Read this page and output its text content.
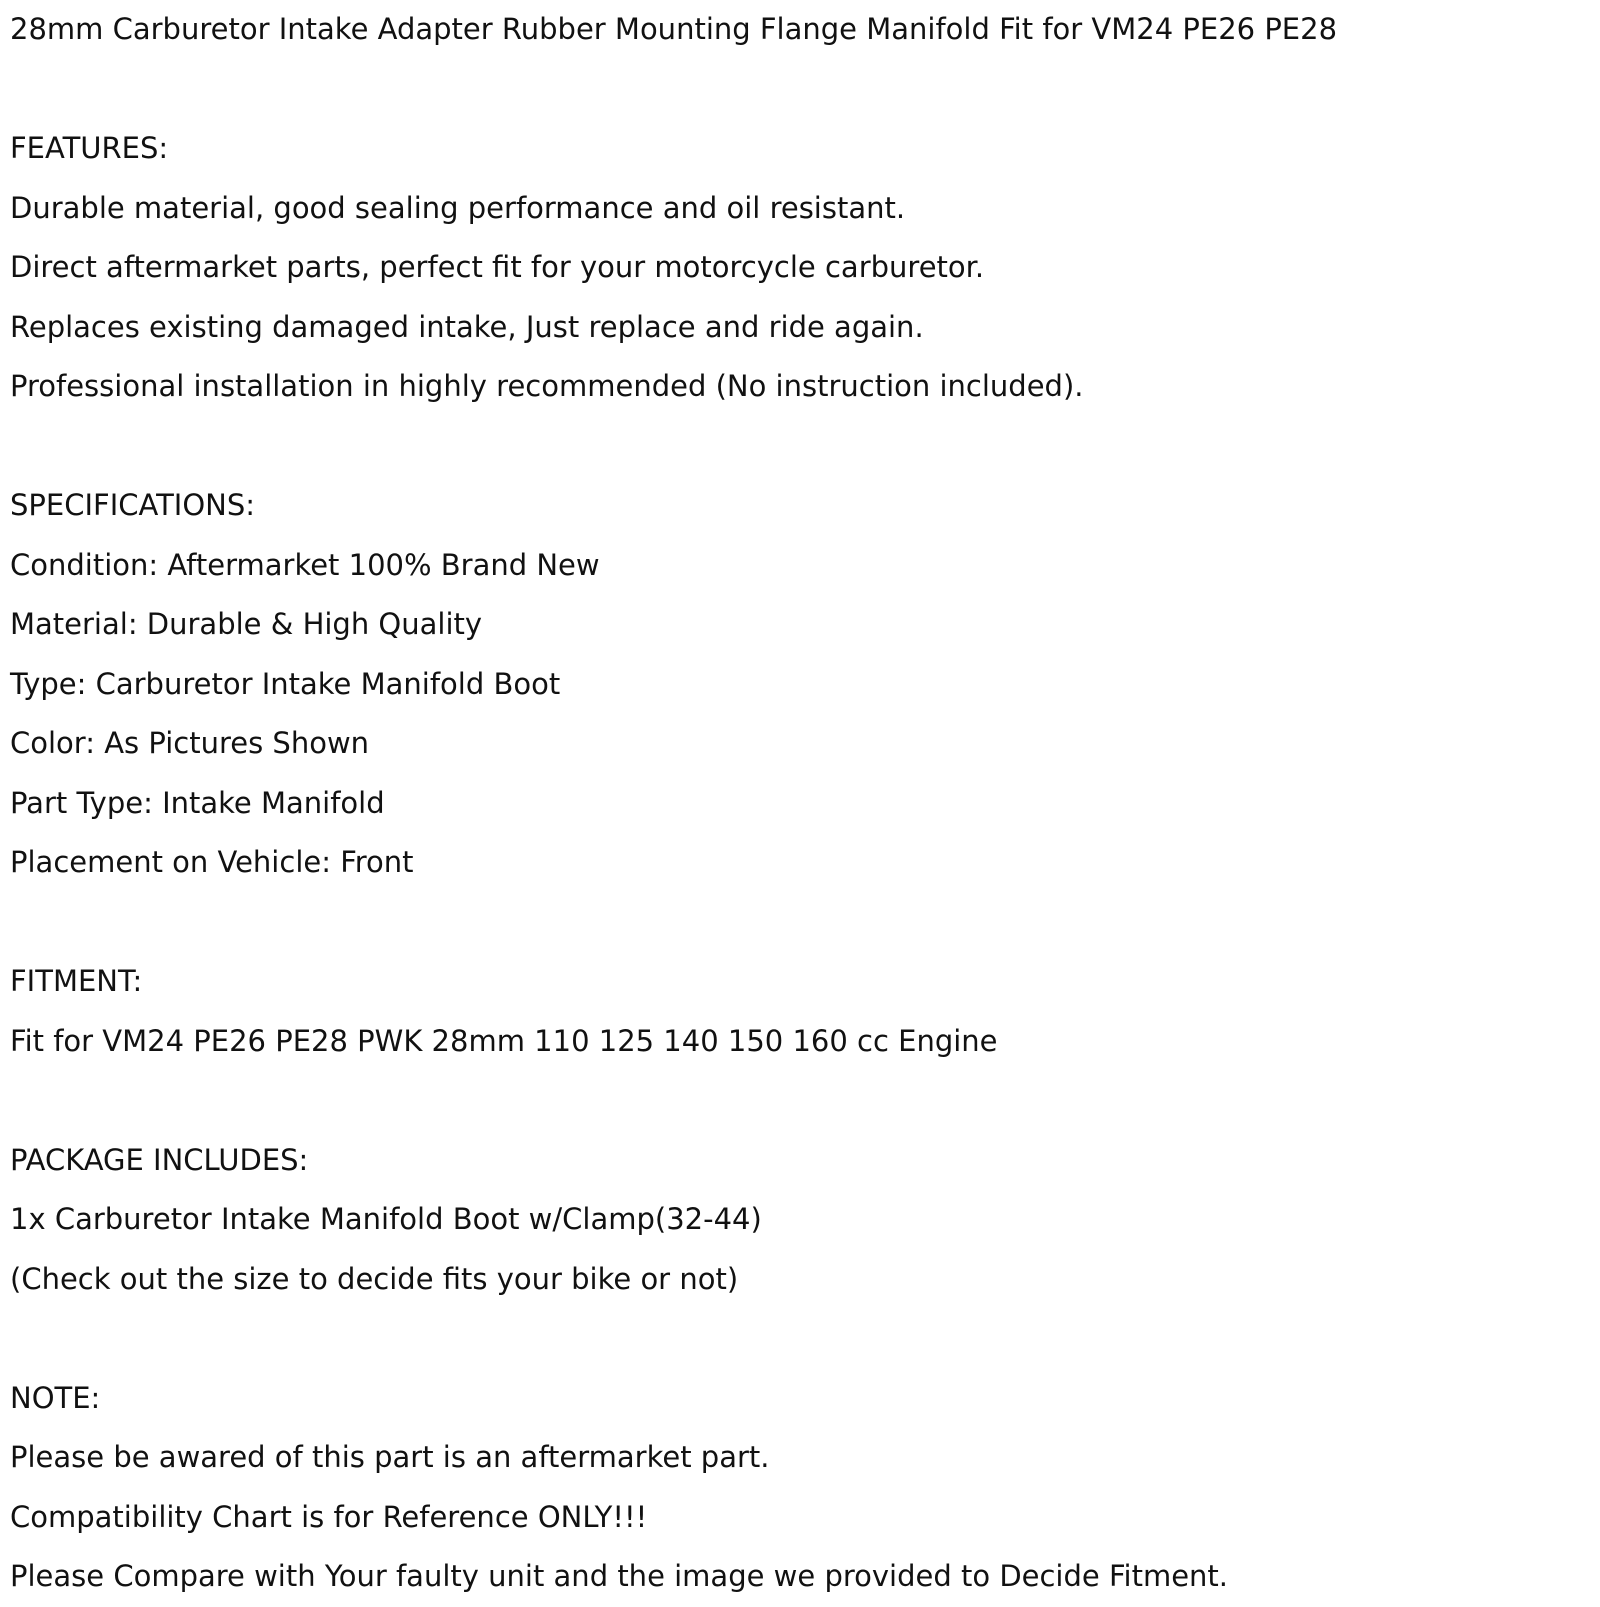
28mm Carburetor Intake Adapter Rubber Mounting Flange Manifold Fit for VM24 PE26 PE28
FEATURES:
Durable material, good sealing performance and oil resistant.
Direct aftermarket parts, perfect fit for your motorcycle carburetor.
Replaces existing damaged intake, Just replace and ride again.
Professional installation in highly recommended (No instruction included).
SPECIFICATIONS:
Condition: Aftermarket 100% Brand New
Material: Durable & High Quality
Type: Carburetor Intake Manifold Boot
Color: As Pictures Shown
Part Type: Intake Manifold
Placement on Vehicle: Front
FITMENT:
Fit for VM24 PE26 PE28 PWK 28mm 110 125 140 150 160 cc Engine
PACKAGE INCLUDES:
1x Carburetor Intake Manifold Boot w/Clamp(32-44)
(Check out the size to decide fits your bike or not)
NOTE:
Please be awared of this part is an aftermarket part.
Compatibility Chart is for Reference ONLY!!!
Please Compare with Your faulty unit and the image we provided to Decide Fitment.
